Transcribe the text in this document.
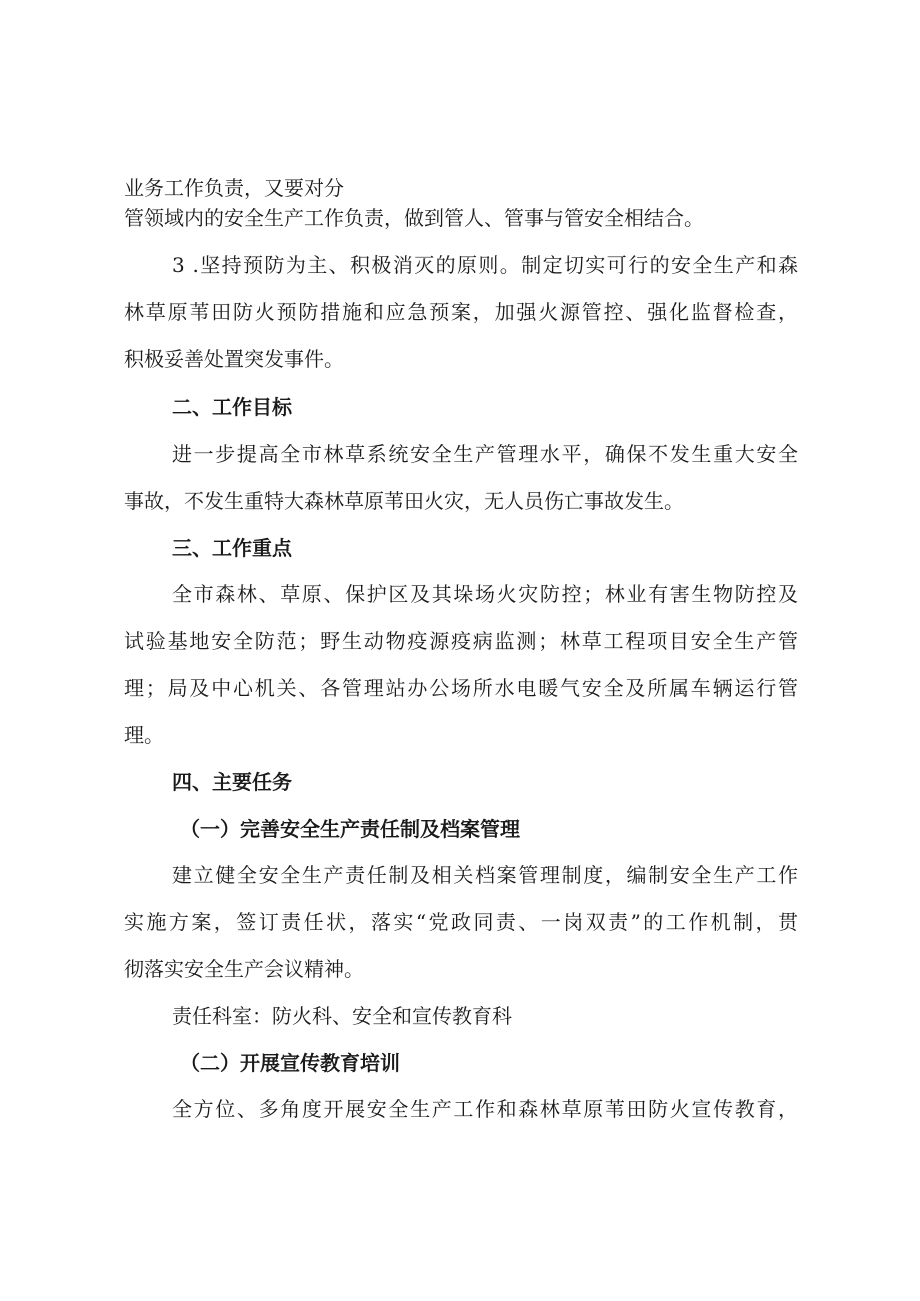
业务工作负责，又要对分
管领域内的安全生产工作负责，做到管人、管事与管安全相结合。
3 .坚持预防为主、积极消灭的原则。制定切实可行的安全生产和森
林草原苇田防火预防措施和应急预案，加强火源管控、强化监督检查，
积极妥善处置突发事件。
二、工作目标
进一步提高全市林草系统安全生产管理水平，确保不发生重大安全
事故，不发生重特大森林草原苇田火灾，无人员伤亡事故发生。
三、工作重点
全市森林、草原、保护区及其垛场火灾防控；林业有害生物防控及
试验基地安全防范；野生动物疫源疫病监测；林草工程项目安全生产管
理；局及中心机关、各管理站办公场所水电暖气安全及所属车辆运行管
理。
四、主要任务
（一）完善安全生产责任制及档案管理
建立健全安全生产责任制及相关档案管理制度，编制安全生产工作
实施方案，签订责任状，落实“党政同责、一岗双责”的工作机制，贯
彻落实安全生产会议精神。
责任科室：防火科、安全和宣传教育科
（二）开展宣传教育培训
全方位、多角度开展安全生产工作和森林草原苇田防火宣传教育，
